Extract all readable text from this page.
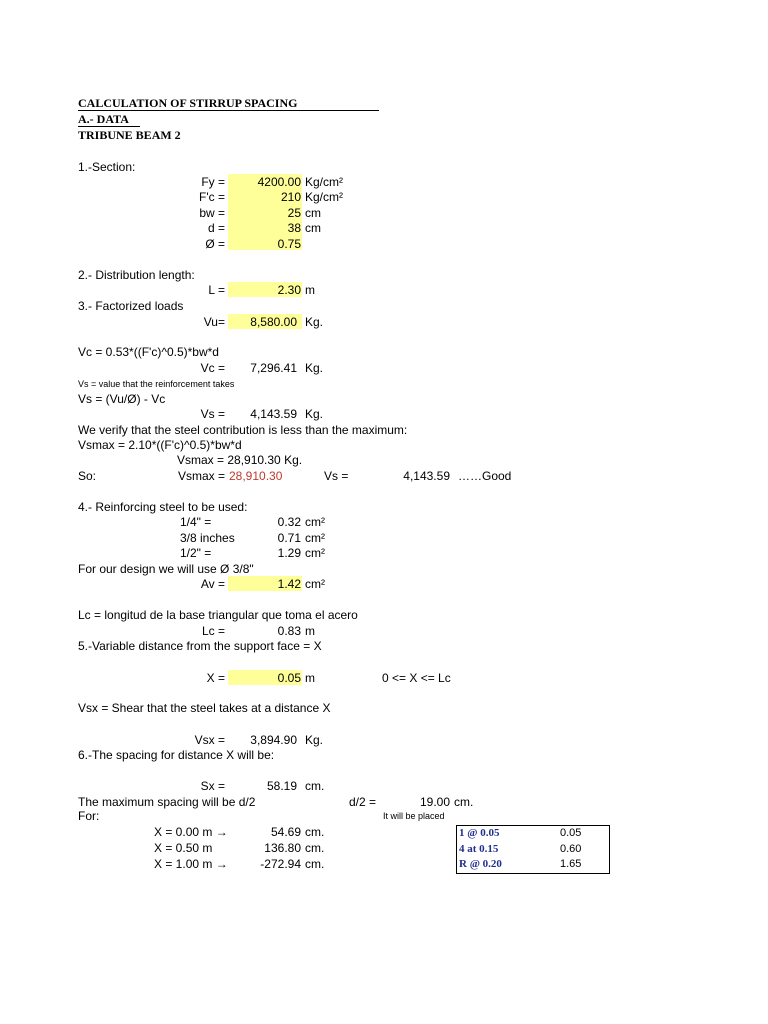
CALCULATION OF STIRRUP SPACING
A.- DATA
TRIBUNE BEAM 2
1.-Section:
Fy =	4200.00 Kg/cm²
F'c =	210 Kg/cm²
bw =	25 cm
d =	38 cm
Ø =	0.75
2.- Distribution length:
L =	2.30 m
3.- Factorized loads
Vu=	8,580.00 Kg.
Vc = 0.53*((F'c)^0.5)*bw*d
Vc =	7,296.41 Kg.
Vs = value that the reinforcement takes
Vs = (Vu/Ø) - Vc
Vs =	4,143.59 Kg.
We verify that the steel contribution is less than the maximum:
Vsmax = 2.10*((F'c)^0.5)*bw*d
Vsmax = 28,910.30 Kg.
So:	Vsmax = 28,910.30	Vs =	4,143.59 ……Good
4.- Reinforcing steel to be used:
1/4" =	0.32 cm²
3/8 inches	0.71 cm²
1/2" =	1.29 cm²
For our design we will use Ø 3/8"
Av =	1.42 cm²
Lc = longitud de la base triangular que toma el acero
Lc =	0.83 m
5.-Variable distance from the support face = X
X =	0.05 m	0 <= X <= Lc
Vsx = Shear that the steel takes at a distance X
Vsx =	3,894.90 Kg.
6.-The spacing for distance X will be:
Sx =	58.19 cm.
The maximum spacing will be d/2	d/2 =	19.00 cm.
For:	It will be placed
X = 0.00 m →	54.69 cm.
X = 0.50 m	136.80 cm.
X = 1.00 m →	-272.94 cm.
1 @ 0.05	0.05
4 at 0.15	0.60
R @ 0.20	1.65
